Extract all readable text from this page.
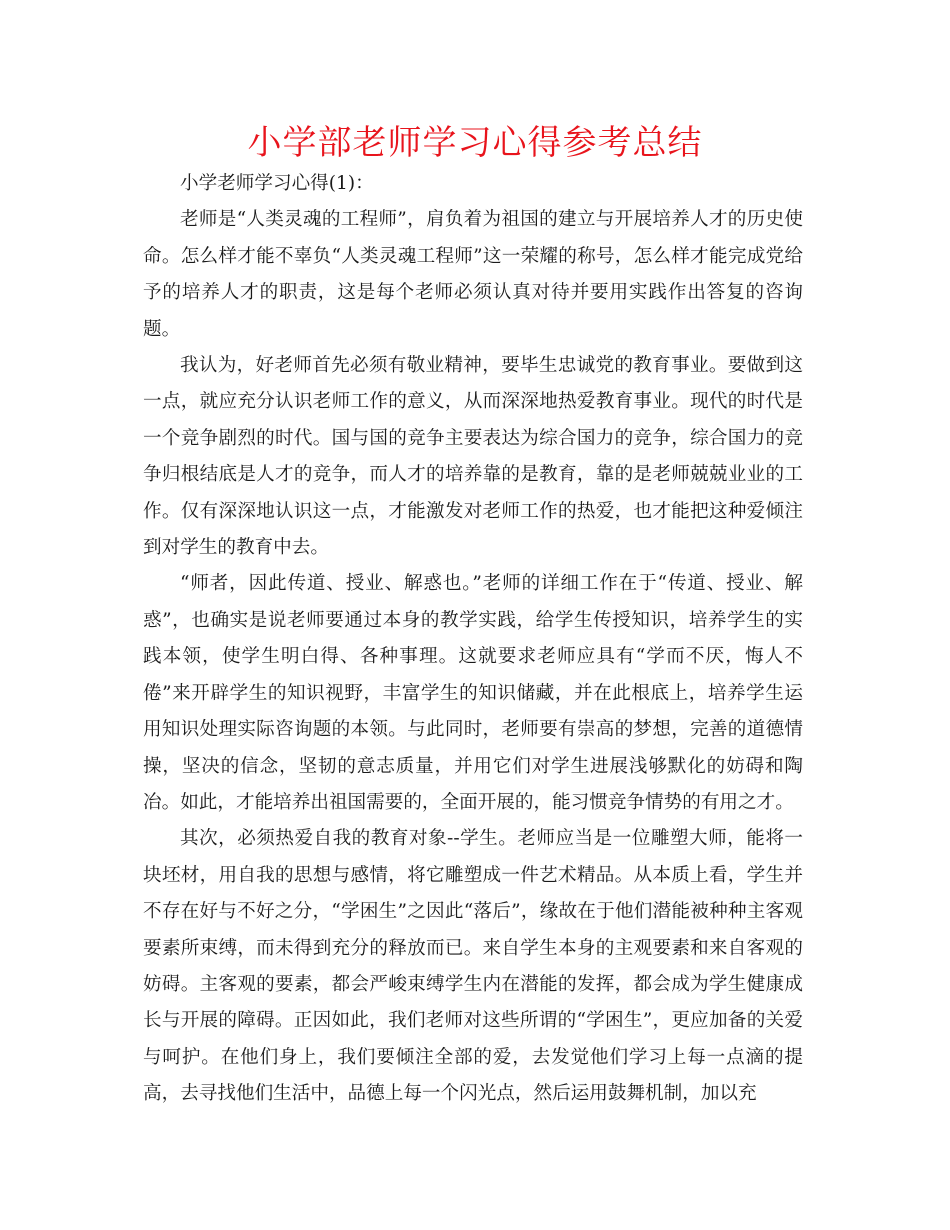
小学部老师学习心得参考总结

小学老师学习心得(1)：

老师是“人类灵魂的工程师”，肩负着为祖国的建立与开展培养人才的历史使命。怎么样才能不辜负“人类灵魂工程师”这一荣耀的称号，怎么样才能完成党给予的培养人才的职责，这是每个老师必须认真对待并要用实践作出答复的咨询题。

我认为，好老师首先必须有敬业精神，要毕生忠诚党的教育事业。要做到这一点，就应充分认识老师工作的意义，从而深深地热爱教育事业。现代的时代是一个竞争剧烈的时代。国与国的竞争主要表达为综合国力的竞争，综合国力的竞争归根结底是人才的竞争，而人才的培养靠的是教育，靠的是老师兢兢业业的工作。仅有深深地认识这一点，才能激发对老师工作的热爱，也才能把这种爱倾注到对学生的教育中去。

“师者，因此传道、授业、解惑也。”老师的详细工作在于“传道、授业、解惑”，也确实是说老师要通过本身的教学实践，给学生传授知识，培养学生的实践本领，使学生明白得、各种事理。这就要求老师应具有“学而不厌，悔人不倦”来开辟学生的知识视野，丰富学生的知识储藏，并在此根底上，培养学生运用知识处理实际咨询题的本领。与此同时，老师要有崇高的梦想，完善的道德情操，坚决的信念，坚韧的意志质量，并用它们对学生进展浅够默化的妨碍和陶冶。如此，才能培养出祖国需要的，全面开展的，能习惯竞争情势的有用之才。

其次，必须热爱自我的教育对象--学生。老师应当是一位雕塑大师，能将一块坯材，用自我的思想与感情，将它雕塑成一件艺术精品。从本质上看，学生并不存在好与不好之分，“学困生”之因此“落后”，缘故在于他们潜能被种种主客观要素所束缚，而未得到充分的释放而已。来自学生本身的主观要素和来自客观的妨碍。主客观的要素，都会严峻束缚学生内在潜能的发挥，都会成为学生健康成长与开展的障碍。正因如此，我们老师对这些所谓的“学困生”，更应加备的关爱与呵护。在他们身上，我们要倾注全部的爱，去发觉他们学习上每一点滴的提高，去寻找他们生活中，品德上每一个闪光点，然后运用鼓舞机制，加以充
